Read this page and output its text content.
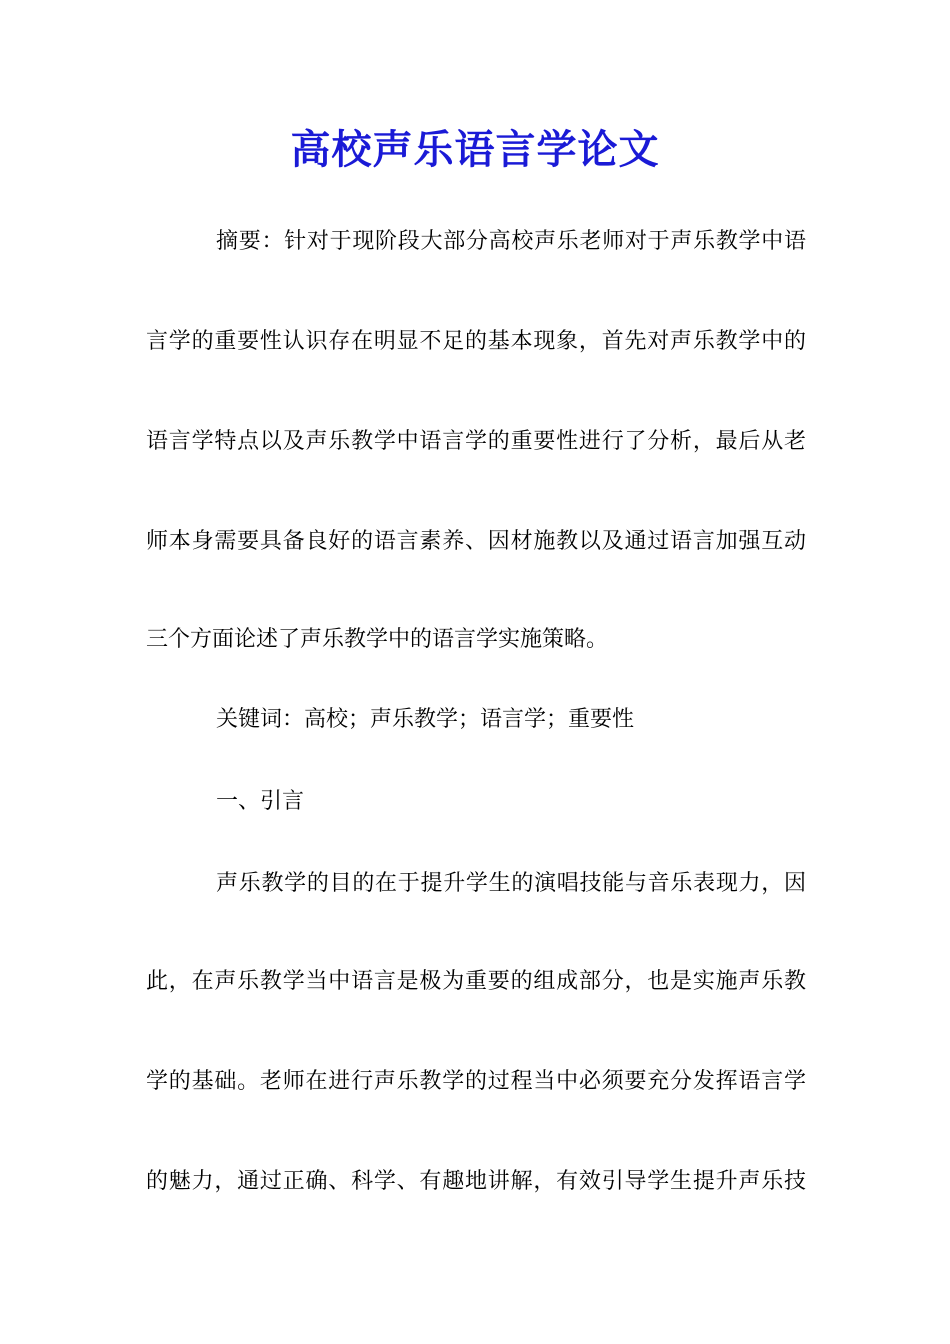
高校声乐语言学论文
摘要：针对于现阶段大部分高校声乐老师对于声乐教学中语
言学的重要性认识存在明显不足的基本现象，首先对声乐教学中的
语言学特点以及声乐教学中语言学的重要性进行了分析，最后从老
师本身需要具备良好的语言素养、因材施教以及通过语言加强互动
三个方面论述了声乐教学中的语言学实施策略。
关键词：高校；声乐教学；语言学；重要性
一、引言
声乐教学的目的在于提升学生的演唱技能与音乐表现力，因
此，在声乐教学当中语言是极为重要的组成部分，也是实施声乐教
学的基础。老师在进行声乐教学的过程当中必须要充分发挥语言学
的魅力，通过正确、科学、有趣地讲解，有效引导学生提升声乐技
